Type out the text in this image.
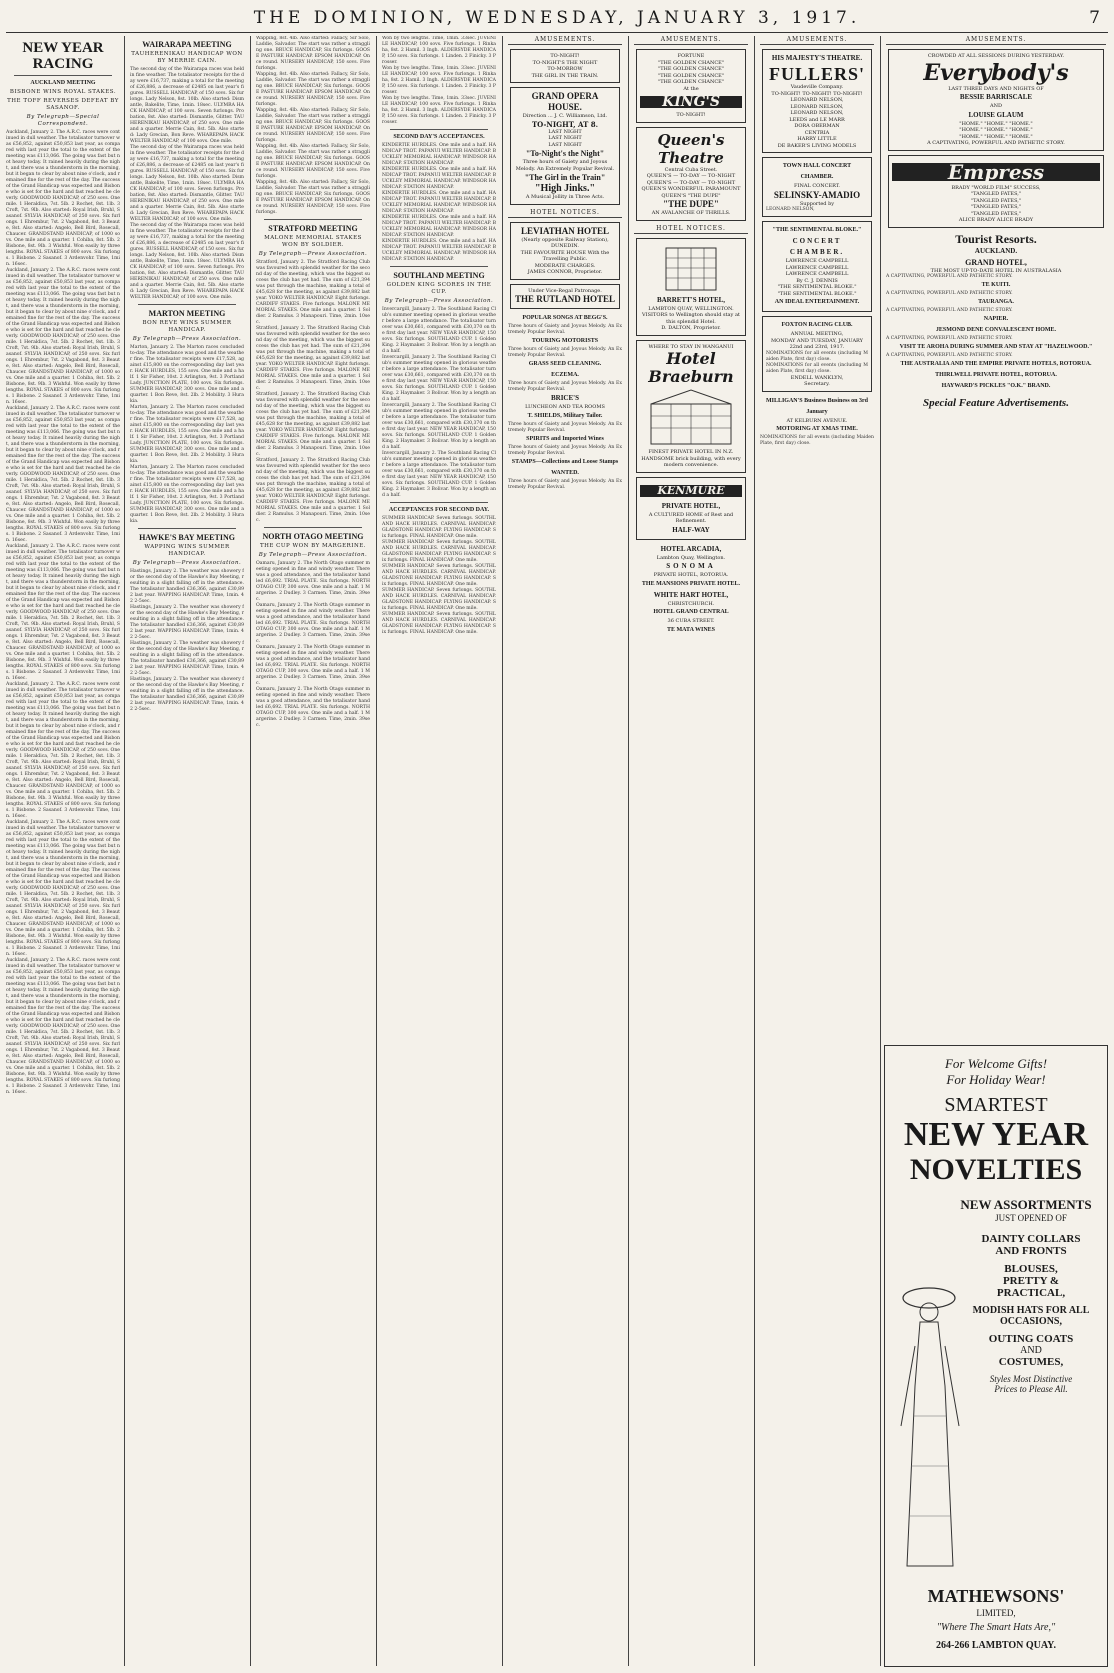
THE DOMINION, WEDNESDAY, JANUARY 3, 1917.	7
NEW YEAR RACING
AUCKLAND MEETING
BISBONE WINS ROYAL STAKES.
THE TOFF REVERSES DEFEAT BY SASANOF.
By Telegraph—Special Correspondent.
Auckland, January 2. The A.R.C. races were continued in dull weather. The totalisator turnover was £56,852, against £50,853 last year, as compared with last year the total to the extent of the meeting was £113,066. The going was fast but not heavy today. It rained heavily during the night, and there was a thunderstorm in the morning, but it began to clear by about nine o'clock, and remained fine for the rest of the day. The success of the Grand Handicap was expected and Bisbone who is set for the hard and fast reached he cleverly. GOODWOOD HANDICAP, of 250 sovs. One mile. 1 Heraldica, 7st. 5lb. 2 Rochet, 8st. 1lb. 3 Croft, 7st. 9lb. Also started: Royal Irish, Bruhl, Sasanof. SYLVIA HANDICAP, of 250 sovs. Six furlongs. 1 Ehrembur, 7st. 2 Vagabond, 8st. 3 Beaute, 8st. Also started: Angelo, Bell Bird, Rosecall, Chaucer. GRANDSTAND HANDICAP, of 1000 sovs. One mile and a quarter. 1 Cohiba, 8st. 5lb. 2 Bisbone, 8st. 9lb. 3 Wishful. Won easily by three lengths. ROYAL STAKES of 800 sovs. Six furlongs. 1 Bisbone. 2 Sasanof. 3 Ardenvohr. Time, 1min. 16sec.
Auckland, January 2. The A.R.C. races were continued in dull weather. The totalisator turnover was £56,852, against £50,853 last year, as compared with last year the total to the extent of the meeting was £113,066. The going was fast but not heavy today. It rained heavily during the night, and there was a thunderstorm in the morning, but it began to clear by about nine o'clock, and remained fine for the rest of the day. The success of the Grand Handicap was expected and Bisbone who is set for the hard and fast reached he cleverly. GOODWOOD HANDICAP, of 250 sovs. One mile. 1 Heraldica, 7st. 5lb. 2 Rochet, 8st. 1lb. 3 Croft, 7st. 9lb. Also started: Royal Irish, Bruhl, Sasanof. SYLVIA HANDICAP, of 250 sovs. Six furlongs. 1 Ehrembur, 7st. 2 Vagabond, 8st. 3 Beaute, 8st. Also started: Angelo, Bell Bird, Rosecall, Chaucer. GRANDSTAND HANDICAP, of 1000 sovs. One mile and a quarter. 1 Cohiba, 8st. 5lb. 2 Bisbone, 8st. 9lb. 3 Wishful. Won easily by three lengths. ROYAL STAKES of 800 sovs. Six furlongs. 1 Bisbone. 2 Sasanof. 3 Ardenvohr. Time, 1min. 16sec.
Auckland, January 2. The A.R.C. races were continued in dull weather. The totalisator turnover was £56,852, against £50,853 last year, as compared with last year the total to the extent of the meeting was £113,066. The going was fast but not heavy today. It rained heavily during the night, and there was a thunderstorm in the morning, but it began to clear by about nine o'clock, and remained fine for the rest of the day. The success of the Grand Handicap was expected and Bisbone who is set for the hard and fast reached he cleverly. GOODWOOD HANDICAP, of 250 sovs. One mile. 1 Heraldica, 7st. 5lb. 2 Rochet, 8st. 1lb. 3 Croft, 7st. 9lb. Also started: Royal Irish, Bruhl, Sasanof. SYLVIA HANDICAP, of 250 sovs. Six furlongs. 1 Ehrembur, 7st. 2 Vagabond, 8st. 3 Beaute, 8st. Also started: Angelo, Bell Bird, Rosecall, Chaucer. GRANDSTAND HANDICAP, of 1000 sovs. One mile and a quarter. 1 Cohiba, 8st. 5lb. 2 Bisbone, 8st. 9lb. 3 Wishful. Won easily by three lengths. ROYAL STAKES of 800 sovs. Six furlongs. 1 Bisbone. 2 Sasanof. 3 Ardenvohr. Time, 1min. 16sec.
Auckland, January 2. The A.R.C. races were continued in dull weather. The totalisator turnover was £56,852, against £50,853 last year, as compared with last year the total to the extent of the meeting was £113,066. The going was fast but not heavy today. It rained heavily during the night, and there was a thunderstorm in the morning, but it began to clear by about nine o'clock, and remained fine for the rest of the day. The success of the Grand Handicap was expected and Bisbone who is set for the hard and fast reached he cleverly. GOODWOOD HANDICAP, of 250 sovs. One mile. 1 Heraldica, 7st. 5lb. 2 Rochet, 8st. 1lb. 3 Croft, 7st. 9lb. Also started: Royal Irish, Bruhl, Sasanof. SYLVIA HANDICAP, of 250 sovs. Six furlongs. 1 Ehrembur, 7st. 2 Vagabond, 8st. 3 Beaute, 8st. Also started: Angelo, Bell Bird, Rosecall, Chaucer. GRANDSTAND HANDICAP, of 1000 sovs. One mile and a quarter. 1 Cohiba, 8st. 5lb. 2 Bisbone, 8st. 9lb. 3 Wishful. Won easily by three lengths. ROYAL STAKES of 800 sovs. Six furlongs. 1 Bisbone. 2 Sasanof. 3 Ardenvohr. Time, 1min. 16sec.
Auckland, January 2. The A.R.C. races were continued in dull weather. The totalisator turnover was £56,852, against £50,853 last year, as compared with last year the total to the extent of the meeting was £113,066. The going was fast but not heavy today. It rained heavily during the night, and there was a thunderstorm in the morning, but it began to clear by about nine o'clock, and remained fine for the rest of the day. The success of the Grand Handicap was expected and Bisbone who is set for the hard and fast reached he cleverly. GOODWOOD HANDICAP, of 250 sovs. One mile. 1 Heraldica, 7st. 5lb. 2 Rochet, 8st. 1lb. 3 Croft, 7st. 9lb. Also started: Royal Irish, Bruhl, Sasanof. SYLVIA HANDICAP, of 250 sovs. Six furlongs. 1 Ehrembur, 7st. 2 Vagabond, 8st. 3 Beaute, 8st. Also started: Angelo, Bell Bird, Rosecall, Chaucer. GRANDSTAND HANDICAP, of 1000 sovs. One mile and a quarter. 1 Cohiba, 8st. 5lb. 2 Bisbone, 8st. 9lb. 3 Wishful. Won easily by three lengths. ROYAL STAKES of 800 sovs. Six furlongs. 1 Bisbone. 2 Sasanof. 3 Ardenvohr. Time, 1min. 16sec.
Auckland, January 2. The A.R.C. races were continued in dull weather. The totalisator turnover was £56,852, against £50,853 last year, as compared with last year the total to the extent of the meeting was £113,066. The going was fast but not heavy today. It rained heavily during the night, and there was a thunderstorm in the morning, but it began to clear by about nine o'clock, and remained fine for the rest of the day. The success of the Grand Handicap was expected and Bisbone who is set for the hard and fast reached he cleverly. GOODWOOD HANDICAP, of 250 sovs. One mile. 1 Heraldica, 7st. 5lb. 2 Rochet, 8st. 1lb. 3 Croft, 7st. 9lb. Also started: Royal Irish, Bruhl, Sasanof. SYLVIA HANDICAP, of 250 sovs. Six furlongs. 1 Ehrembur, 7st. 2 Vagabond, 8st. 3 Beaute, 8st. Also started: Angelo, Bell Bird, Rosecall, Chaucer. GRANDSTAND HANDICAP, of 1000 sovs. One mile and a quarter. 1 Cohiba, 8st. 5lb. 2 Bisbone, 8st. 9lb. 3 Wishful. Won easily by three lengths. ROYAL STAKES of 800 sovs. Six furlongs. 1 Bisbone. 2 Sasanof. 3 Ardenvohr. Time, 1min. 16sec.
Auckland, January 2. The A.R.C. races were continued in dull weather. The totalisator turnover was £56,852, against £50,853 last year, as compared with last year the total to the extent of the meeting was £113,066. The going was fast but not heavy today. It rained heavily during the night, and there was a thunderstorm in the morning, but it began to clear by about nine o'clock, and remained fine for the rest of the day. The success of the Grand Handicap was expected and Bisbone who is set for the hard and fast reached he cleverly. GOODWOOD HANDICAP, of 250 sovs. One mile. 1 Heraldica, 7st. 5lb. 2 Rochet, 8st. 1lb. 3 Croft, 7st. 9lb. Also started: Royal Irish, Bruhl, Sasanof. SYLVIA HANDICAP, of 250 sovs. Six furlongs. 1 Ehrembur, 7st. 2 Vagabond, 8st. 3 Beaute, 8st. Also started: Angelo, Bell Bird, Rosecall, Chaucer. GRANDSTAND HANDICAP, of 1000 sovs. One mile and a quarter. 1 Cohiba, 8st. 5lb. 2 Bisbone, 8st. 9lb. 3 Wishful. Won easily by three lengths. ROYAL STAKES of 800 sovs. Six furlongs. 1 Bisbone. 2 Sasanof. 3 Ardenvohr. Time, 1min. 16sec.
WAIRARAPA MEETING
TAUHERENIKAU HANDICAP WON BY MERRIE CAIN.
The second day of the Wairarapa races was held in fine weather. The totalisator receipts for the day were £16,737, making a total for the meeting of £26,886, a decrease of £2485 on last year's figures. RUSSELL HANDICAP, of 150 sovs. Six furlongs. Lady Nelson, 8st. 10lb. Also started: Dismantle, Bakelite, Time, 1min. 18sec. ULYMRA HACK HANDICAP, of 100 sovs. Seven furlongs. Probation, 8st. Also started: Dismantle, Glitter. TAUHERENIKAU HANDICAP, of 250 sovs. One mile and a quarter. Merrie Cain, 8st. 5lb. Also started: Lady Grecian, Bon Reve. WHAREPAPA HACK WELTER HANDICAP, of 100 sovs. One mile.
The second day of the Wairarapa races was held in fine weather. The totalisator receipts for the day were £16,737, making a total for the meeting of £26,886, a decrease of £2485 on last year's figures. RUSSELL HANDICAP, of 150 sovs. Six furlongs. Lady Nelson, 8st. 10lb. Also started: Dismantle, Bakelite, Time, 1min. 18sec. ULYMRA HACK HANDICAP, of 100 sovs. Seven furlongs. Probation, 8st. Also started: Dismantle, Glitter. TAUHERENIKAU HANDICAP, of 250 sovs. One mile and a quarter. Merrie Cain, 8st. 5lb. Also started: Lady Grecian, Bon Reve. WHAREPAPA HACK WELTER HANDICAP, of 100 sovs. One mile.
The second day of the Wairarapa races was held in fine weather. The totalisator receipts for the day were £16,737, making a total for the meeting of £26,886, a decrease of £2485 on last year's figures. RUSSELL HANDICAP, of 150 sovs. Six furlongs. Lady Nelson, 8st. 10lb. Also started: Dismantle, Bakelite, Time, 1min. 18sec. ULYMRA HACK HANDICAP, of 100 sovs. Seven furlongs. Probation, 8st. Also started: Dismantle, Glitter. TAUHERENIKAU HANDICAP, of 250 sovs. One mile and a quarter. Merrie Cain, 8st. 5lb. Also started: Lady Grecian, Bon Reve. WHAREPAPA HACK WELTER HANDICAP, of 100 sovs. One mile.
MARTON MEETING
BON REVE WINS SUMMER HANDICAP.
By Telegraph—Press Association.
Marton, January 2. The Marton races concluded to-day. The attendance was good and the weather fine. The totalisator receipts were £17,528, against £15,800 on the corresponding day last year. HACK HURDLES, 155 sovs. One mile and a half. 1 Sir Fisher, 10st. 2 Arlington, 9st. 3 Portland Lady. JUNCTION PLATE, 100 sovs. Six furlongs. SUMMER HANDICAP, 300 sovs. One mile and a quarter. 1 Bon Reve, 8st. 2lb. 2 Mobility. 3 Hurakia.
Marton, January 2. The Marton races concluded to-day. The attendance was good and the weather fine. The totalisator receipts were £17,528, against £15,800 on the corresponding day last year. HACK HURDLES, 155 sovs. One mile and a half. 1 Sir Fisher, 10st. 2 Arlington, 9st. 3 Portland Lady. JUNCTION PLATE, 100 sovs. Six furlongs. SUMMER HANDICAP, 300 sovs. One mile and a quarter. 1 Bon Reve, 8st. 2lb. 2 Mobility. 3 Hurakia.
Marton, January 2. The Marton races concluded to-day. The attendance was good and the weather fine. The totalisator receipts were £17,528, against £15,800 on the corresponding day last year. HACK HURDLES, 155 sovs. One mile and a half. 1 Sir Fisher, 10st. 2 Arlington, 9st. 3 Portland Lady. JUNCTION PLATE, 100 sovs. Six furlongs. SUMMER HANDICAP, 300 sovs. One mile and a quarter. 1 Bon Reve, 8st. 2lb. 2 Mobility. 3 Hurakia.
HAWKE'S BAY MEETING
WAPPING WINS SUMMER HANDICAP.
By Telegraph—Press Association.
Hastings, January 2. The weather was showery for the second day of the Hawke's Bay Meeting, resulting in a slight falling off in the attendance. The totalisator handled £36,366, against £30,892 last year. WAPPING HANDICAP. Time, 1min. 42 2-5sec.
Hastings, January 2. The weather was showery for the second day of the Hawke's Bay Meeting, resulting in a slight falling off in the attendance. The totalisator handled £36,366, against £30,892 last year. WAPPING HANDICAP. Time, 1min. 42 2-5sec.
Hastings, January 2. The weather was showery for the second day of the Hawke's Bay Meeting, resulting in a slight falling off in the attendance. The totalisator handled £36,366, against £30,892 last year. WAPPING HANDICAP. Time, 1min. 42 2-5sec.
Hastings, January 2. The weather was showery for the second day of the Hawke's Bay Meeting, resulting in a slight falling off in the attendance. The totalisator handled £36,366, against £30,892 last year. WAPPING HANDICAP. Time, 1min. 42 2-5sec.
Wapping, 8st. 4lb. Also started: Fallacy, Sir Solo, Laddie, Salvador. The start was rather a straggling one. BRUCE HANDICAP, Six furlongs. GOOSE PASTURE HANDICAP. EPSOM HANDICAP. Once round. NURSERY HANDICAP, 150 sovs. Five furlongs.
Wapping, 8st. 4lb. Also started: Fallacy, Sir Solo, Laddie, Salvador. The start was rather a straggling one. BRUCE HANDICAP, Six furlongs. GOOSE PASTURE HANDICAP. EPSOM HANDICAP. Once round. NURSERY HANDICAP, 150 sovs. Five furlongs.
Wapping, 8st. 4lb. Also started: Fallacy, Sir Solo, Laddie, Salvador. The start was rather a straggling one. BRUCE HANDICAP, Six furlongs. GOOSE PASTURE HANDICAP. EPSOM HANDICAP. Once round. NURSERY HANDICAP, 150 sovs. Five furlongs.
Wapping, 8st. 4lb. Also started: Fallacy, Sir Solo, Laddie, Salvador. The start was rather a straggling one. BRUCE HANDICAP, Six furlongs. GOOSE PASTURE HANDICAP. EPSOM HANDICAP. Once round. NURSERY HANDICAP, 150 sovs. Five furlongs.
Wapping, 8st. 4lb. Also started: Fallacy, Sir Solo, Laddie, Salvador. The start was rather a straggling one. BRUCE HANDICAP, Six furlongs. GOOSE PASTURE HANDICAP. EPSOM HANDICAP. Once round. NURSERY HANDICAP, 150 sovs. Five furlongs.
STRATFORD MEETING
MALONE MEMORIAL STAKES WON BY SOLDIER.
By Telegraph—Press Association.
Stratford, January 2. The Stratford Racing Club was favoured with splendid weather for the second day of the meeting, which was the biggest success the club has yet had. The sum of £21,394 was put through the machine, making a total of £45,628 for the meeting, as against £39,882 last year. YOKO WELTER HANDICAP. Eight furlongs. CARDIFF STAKES. Five furlongs. MALONE MEMORIAL STAKES. One mile and a quarter. 1 Soldier. 2 Ramulus. 3 Manapouri. Time, 2min. 10sec.
Stratford, January 2. The Stratford Racing Club was favoured with splendid weather for the second day of the meeting, which was the biggest success the club has yet had. The sum of £21,394 was put through the machine, making a total of £45,628 for the meeting, as against £39,882 last year. YOKO WELTER HANDICAP. Eight furlongs. CARDIFF STAKES. Five furlongs. MALONE MEMORIAL STAKES. One mile and a quarter. 1 Soldier. 2 Ramulus. 3 Manapouri. Time, 2min. 10sec.
Stratford, January 2. The Stratford Racing Club was favoured with splendid weather for the second day of the meeting, which was the biggest success the club has yet had. The sum of £21,394 was put through the machine, making a total of £45,628 for the meeting, as against £39,882 last year. YOKO WELTER HANDICAP. Eight furlongs. CARDIFF STAKES. Five furlongs. MALONE MEMORIAL STAKES. One mile and a quarter. 1 Soldier. 2 Ramulus. 3 Manapouri. Time, 2min. 10sec.
Stratford, January 2. The Stratford Racing Club was favoured with splendid weather for the second day of the meeting, which was the biggest success the club has yet had. The sum of £21,394 was put through the machine, making a total of £45,628 for the meeting, as against £39,882 last year. YOKO WELTER HANDICAP. Eight furlongs. CARDIFF STAKES. Five furlongs. MALONE MEMORIAL STAKES. One mile and a quarter. 1 Soldier. 2 Ramulus. 3 Manapouri. Time, 2min. 10sec.
NORTH OTAGO MEETING
THE CUP WON BY MARGERINE.
By Telegraph—Press Association.
Oamaru, January 2. The North Otago summer meeting opened in fine and windy weather. There was a good attendance, and the totalisator handled £6,692. TRIAL PLATE. Six furlongs. NORTH OTAGO CUP, 300 sovs. One mile and a half. 1 Margerine. 2 Dudley. 3 Carmen. Time, 2min. 39sec.
Oamaru, January 2. The North Otago summer meeting opened in fine and windy weather. There was a good attendance, and the totalisator handled £6,692. TRIAL PLATE. Six furlongs. NORTH OTAGO CUP, 300 sovs. One mile and a half. 1 Margerine. 2 Dudley. 3 Carmen. Time, 2min. 39sec.
Oamaru, January 2. The North Otago summer meeting opened in fine and windy weather. There was a good attendance, and the totalisator handled £6,692. TRIAL PLATE. Six furlongs. NORTH OTAGO CUP, 300 sovs. One mile and a half. 1 Margerine. 2 Dudley. 3 Carmen. Time, 2min. 39sec.
Oamaru, January 2. The North Otago summer meeting opened in fine and windy weather. There was a good attendance, and the totalisator handled £6,692. TRIAL PLATE. Six furlongs. NORTH OTAGO CUP, 300 sovs. One mile and a half. 1 Margerine. 2 Dudley. 3 Carmen. Time, 2min. 39sec.
Won by two lengths. Time, 1min. 33sec. JUVENILE HANDICAP, 100 sovs. Five furlongs. 1 Rinkaha, 8st. 2 Hamil. 3 Ingh. ALDERSYDE HANDICAP, 150 sovs. Six furlongs. 1 Linden. 2 Finicky. 3 Prosser.
Won by two lengths. Time, 1min. 33sec. JUVENILE HANDICAP, 100 sovs. Five furlongs. 1 Rinkaha, 8st. 2 Hamil. 3 Ingh. ALDERSYDE HANDICAP, 150 sovs. Six furlongs. 1 Linden. 2 Finicky. 3 Prosser.
Won by two lengths. Time, 1min. 33sec. JUVENILE HANDICAP, 100 sovs. Five furlongs. 1 Rinkaha, 8st. 2 Hamil. 3 Ingh. ALDERSYDE HANDICAP, 150 sovs. Six furlongs. 1 Linden. 2 Finicky. 3 Prosser.
SECOND DAY'S ACCEPTANCES.
KINDERTIE HURDLES. One mile and a half. HANDICAP TROT. PAPANUI WELTER HANDICAP. BUCKLEY MEMORIAL HANDICAP. WINDSOR HANDICAP. STATION HANDICAP.
KINDERTIE HURDLES. One mile and a half. HANDICAP TROT. PAPANUI WELTER HANDICAP. BUCKLEY MEMORIAL HANDICAP. WINDSOR HANDICAP. STATION HANDICAP.
KINDERTIE HURDLES. One mile and a half. HANDICAP TROT. PAPANUI WELTER HANDICAP. BUCKLEY MEMORIAL HANDICAP. WINDSOR HANDICAP. STATION HANDICAP.
KINDERTIE HURDLES. One mile and a half. HANDICAP TROT. PAPANUI WELTER HANDICAP. BUCKLEY MEMORIAL HANDICAP. WINDSOR HANDICAP. STATION HANDICAP.
KINDERTIE HURDLES. One mile and a half. HANDICAP TROT. PAPANUI WELTER HANDICAP. BUCKLEY MEMORIAL HANDICAP. WINDSOR HANDICAP. STATION HANDICAP.
SOUTHLAND MEETING
GOLDEN KING SCORES IN THE CUP.
By Telegraph—Press Association.
Invercargill, January 2. The Southland Racing Club's summer meeting opened in glorious weather before a large attendance. The totalisator turnover was £30,661, compared with £30,370 on the first day last year. NEW YEAR HANDICAP, 150 sovs. Six furlongs. SOUTHLAND CUP. 1 Golden King. 2 Haymaker. 3 Bolivar. Won by a length and a half.
Invercargill, January 2. The Southland Racing Club's summer meeting opened in glorious weather before a large attendance. The totalisator turnover was £30,661, compared with £30,370 on the first day last year. NEW YEAR HANDICAP, 150 sovs. Six furlongs. SOUTHLAND CUP. 1 Golden King. 2 Haymaker. 3 Bolivar. Won by a length and a half.
Invercargill, January 2. The Southland Racing Club's summer meeting opened in glorious weather before a large attendance. The totalisator turnover was £30,661, compared with £30,370 on the first day last year. NEW YEAR HANDICAP, 150 sovs. Six furlongs. SOUTHLAND CUP. 1 Golden King. 2 Haymaker. 3 Bolivar. Won by a length and a half.
Invercargill, January 2. The Southland Racing Club's summer meeting opened in glorious weather before a large attendance. The totalisator turnover was £30,661, compared with £30,370 on the first day last year. NEW YEAR HANDICAP, 150 sovs. Six furlongs. SOUTHLAND CUP. 1 Golden King. 2 Haymaker. 3 Bolivar. Won by a length and a half.
ACCEPTANCES FOR SECOND DAY.
SUMMER HANDICAP. Seven furlongs. SOUTHLAND HACK HURDLES. CARNIVAL HANDICAP. GLADSTONE HANDICAP. FLYING HANDICAP. Six furlongs. FINAL HANDICAP. One mile.
SUMMER HANDICAP. Seven furlongs. SOUTHLAND HACK HURDLES. CARNIVAL HANDICAP. GLADSTONE HANDICAP. FLYING HANDICAP. Six furlongs. FINAL HANDICAP. One mile.
SUMMER HANDICAP. Seven furlongs. SOUTHLAND HACK HURDLES. CARNIVAL HANDICAP. GLADSTONE HANDICAP. FLYING HANDICAP. Six furlongs. FINAL HANDICAP. One mile.
SUMMER HANDICAP. Seven furlongs. SOUTHLAND HACK HURDLES. CARNIVAL HANDICAP. GLADSTONE HANDICAP. FLYING HANDICAP. Six furlongs. FINAL HANDICAP. One mile.
SUMMER HANDICAP. Seven furlongs. SOUTHLAND HACK HURDLES. CARNIVAL HANDICAP. GLADSTONE HANDICAP. FLYING HANDICAP. Six furlongs. FINAL HANDICAP. One mile.
AMUSEMENTS.
TO-NIGHT!
TO-NIGHT'S THE NIGHT
TO-MORROW
THE GIRL IN THE TRAIN.
GRAND OPERA HOUSE.
Direction ... J. C. Williamson, Ltd.
TO-NIGHT, AT 8.
LAST NIGHT
LAST NIGHT
LAST NIGHT
"To-Night's the Night"
Three hours of Gaiety and Joyous Melody. An Extremely Popular Revival.
"The Girl in the Train"
"High Jinks."
A Musical Jollity in Three Acts.
HOTEL NOTICES.
LEVIATHAN HOTEL
(Nearly opposite Railway Station), DUNEDIN.
THE FAVOURITE HOUSE With the Travelling Public.
MODERATE CHARGES.
JAMES CONNOR, Proprietor.
Under Vice-Regal Patronage.
THE RUTLAND HOTEL
POPULAR SONGS AT BEGG'S.
Three hours of Gaiety and Joyous Melody. An Extremely Popular Revival.
TOURING MOTORISTS
Three hours of Gaiety and Joyous Melody. An Extremely Popular Revival.
GRASS SEED CLEANING.
ECZEMA.
Three hours of Gaiety and Joyous Melody. An Extremely Popular Revival.
BRICE'S
LUNCHEON AND TEA ROOMS
T. SHIELDS, Military Tailor.
Three hours of Gaiety and Joyous Melody. An Extremely Popular Revival.
SPIRITS and Imported Wines
Three hours of Gaiety and Joyous Melody. An Extremely Popular Revival.
STAMPS—Collections and Loose Stamps WANTED.
Three hours of Gaiety and Joyous Melody. An Extremely Popular Revival.
AMUSEMENTS.
FORTUNE
"THE GOLDEN CHANCE"
"THE GOLDEN CHANCE"
"THE GOLDEN CHANCE"
"THE GOLDEN CHANCE"
At the
KING'S
TO-NIGHT!
Queen's Theatre
Central Cuba Street.
QUEEN'S — TO-DAY — TO-NIGHT
QUEEN'S — TO-DAY — TO-NIGHT
QUEEN'S WONDERFUL PARAMOUNT
QUEEN'S "THE DUPE"
"THE DUPE"
AN AVALANCHE OF THRILLS.
HOTEL NOTICES.
BARRETT'S HOTEL,
LAMBTON QUAY, WELLINGTON.
VISITORS to Wellington should stay at this splendid Hotel.
D. DALTON, Proprietor.
WHERE TO STAY IN WANGANUI
Hotel Braeburn
FINEST PRIVATE HOTEL IN N.Z.
HANDSOME brick building, with every modern convenience.
KENMURE
PRIVATE HOTEL,
A CULTURED HOME of Rest and Refinement.
HALF-WAY
HOTEL ARCADIA,
Lambton Quay, Wellington.
SONOMA
PRIVATE HOTEL, ROTORUA.
THE MANSIONS PRIVATE HOTEL.
WHITE HART HOTEL,
CHRISTCHURCH.
HOTEL GRAND CENTRAL
36 CUBA STREET.
TE MATA WINES
AMUSEMENTS.
HIS MAJESTY'S THEATRE.
FULLERS'
Vaudeville Company.
TO-NIGHT! TO-NIGHT! TO-NIGHT!
LEONARD NELSON,
LEONARD NELSON,
LEONARD NELSON,
LEEDS and LE MARR
DORA OBERMAN
CENTRIA
HARRY LITTLE
DE BAKER'S LIVING MODELS
TOWN HALL CONCERT CHAMBER.
FINAL CONCERT.
SELINSKY-AMADIO
Supported by
LEONARD NELSON,
"THE SENTIMENTAL BLOKE."
CONCERT CHAMBER.
LAWRENCE CAMPBELL
LAWRENCE CAMPBELL
LAWRENCE CAMPBELL
By C. J. DENNIS
"THE SENTIMENTAL BLOKE."
"THE SENTIMENTAL BLOKE."
AN IDEAL ENTERTAINMENT.
FOXTON RACING CLUB.
ANNUAL MEETING,
MONDAY AND TUESDAY, JANUARY 22nd and 23rd, 1917.
NOMINATIONS for all events (including Maiden Plate, first day) close.
NOMINATIONS for all events (including Maiden Plate, first day) close.
ENDELL WANKLYN,
Secretary.
MILLIGAN'S Business Business on 3rd January
AT KELBURN AVENUE.
MOTORING AT XMAS TIME.
NOMINATIONS for all events (including Maiden Plate, first day) close.
AMUSEMENTS.
CROWDED AT ALL SESSIONS DURING YESTERDAY.
Everybody's
LAST THREE DAYS AND NIGHTS OF
BESSIE BARRISCALE
AND
LOUISE GLAUM
"HOME." "HOME." "HOME."
"HOME." "HOME." "HOME."
"HOME." "HOME." "HOME."
A CAPTIVATING, POWERFUL AND PATHETIC STORY.
Empress
BRADY "WORLD FILM" SUCCESS,
"TANGLED FATES,"
"TANGLED FATES,"
"TANGLED FATES,"
"TANGLED FATES,"
ALICE BRADY ALICE BRADY
Tourist Resorts.
AUCKLAND.
GRAND HOTEL,
THE MOST UP-TO-DATE HOTEL IN AUSTRALASIA
A CAPTIVATING, POWERFUL AND PATHETIC STORY.
TE KUITI.
A CAPTIVATING, POWERFUL AND PATHETIC STORY.
TAURANGA.
A CAPTIVATING, POWERFUL AND PATHETIC STORY.
NAPIER.
JESMOND DENE CONVALESCENT HOME.
A CAPTIVATING, POWERFUL AND PATHETIC STORY.
VISIT TE AROHA DURING SUMMER AND STAY AT "HAZELWOOD."
A CAPTIVATING, POWERFUL AND PATHETIC STORY.
THE AUSTRALIA AND THE EMPIRE PRIVATE HOTELS, ROTORUA.
THIRLWELL PRIVATE HOTEL, ROTORUA.
HAYWARD'S PICKLES "O.K." BRAND.
Special Feature Advertisements.
For Welcome Gifts!
For Holiday Wear!
SMARTEST
NEW YEAR
NOVELTIES
NEW ASSORTMENTS
JUST OPENED OF
DAINTY COLLARS
AND FRONTS
BLOUSES,
PRETTY &
PRACTICAL,
MODISH HATS FOR ALL
OCCASIONS,
OUTING COATS
AND
COSTUMES,
Styles Most Distinctive
Prices to Please All.
MATHEWSONS'
LIMITED,
"Where The Smart Hats Are,"
264-266 LAMBTON QUAY.
